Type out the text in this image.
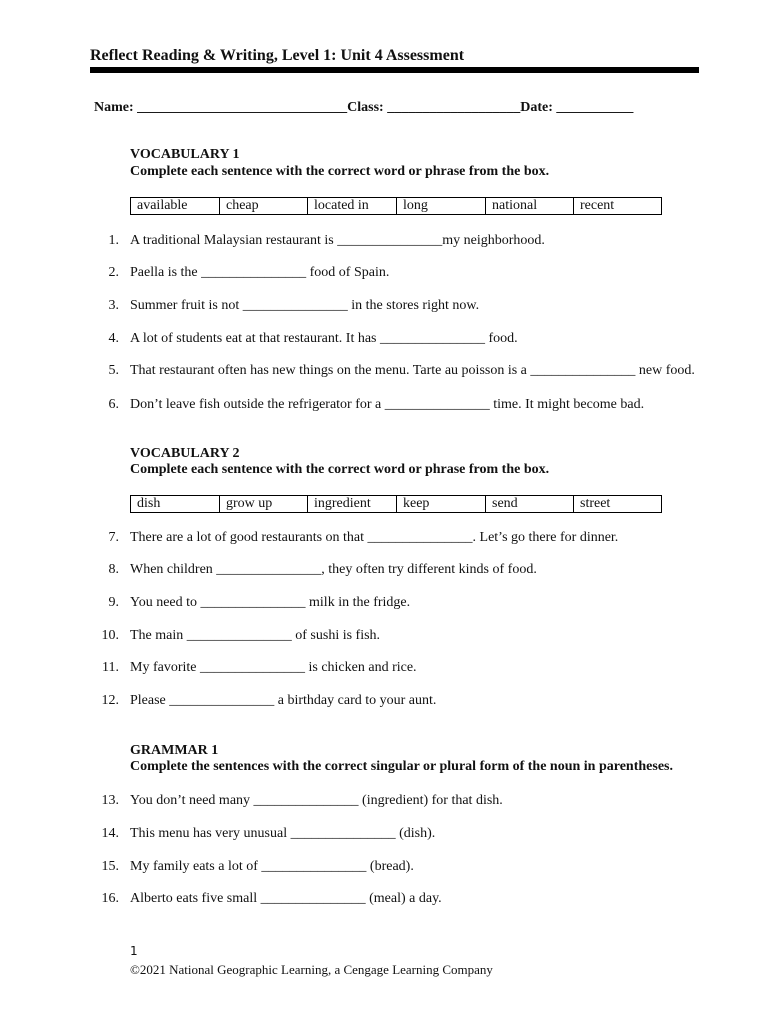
Reflect Reading & Writing, Level 1: Unit 4 Assessment
Name: ______________________________Class: ___________________Date: ___________
VOCABULARY 1
Complete each sentence with the correct word or phrase from the box.
available	cheap	located in	long	national	recent
1. A traditional Malaysian restaurant is _______________my neighborhood.
2. Paella is the _______________ food of Spain.
3. Summer fruit is not _______________ in the stores right now.
4. A lot of students eat at that restaurant. It has _______________ food.
5. That restaurant often has new things on the menu. Tarte au poisson is a _______________ new food.
6. Don’t leave fish outside the refrigerator for a _______________ time. It might become bad.
VOCABULARY 2
Complete each sentence with the correct word or phrase from the box.
dish	grow up	ingredient	keep	send	street
7. There are a lot of good restaurants on that _______________. Let’s go there for dinner.
8. When children _______________, they often try different kinds of food.
9. You need to _______________ milk in the fridge.
10. The main _______________ of sushi is fish.
11. My favorite _______________ is chicken and rice.
12. Please _______________ a birthday card to your aunt.
GRAMMAR 1
Complete the sentences with the correct singular or plural form of the noun in parentheses.
13. You don’t need many _______________ (ingredient) for that dish.
14. This menu has very unusual _______________ (dish).
15. My family eats a lot of _______________ (bread).
16. Alberto eats five small _______________ (meal) a day.
1
©2021 National Geographic Learning, a Cengage Learning Company
